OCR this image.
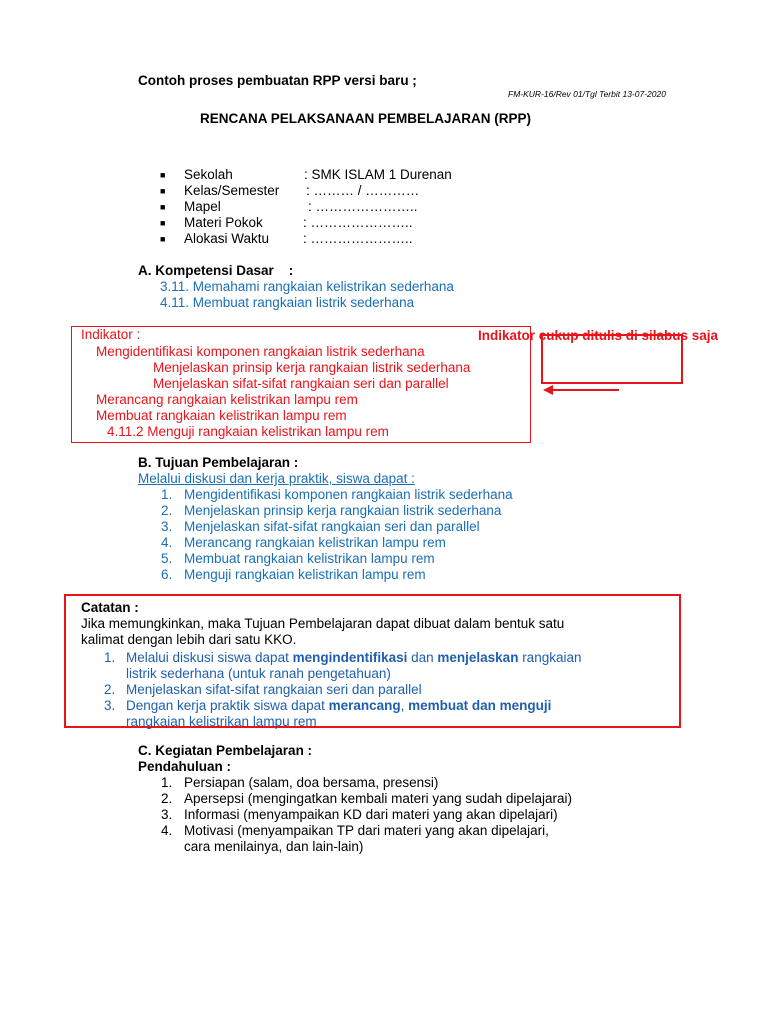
Contoh proses pembuatan RPP versi baru ;
FM-KUR-16/Rev 01/Tgl Terbit 13-07-2020
RENCANA PELAKSANAAN PEMBELAJARAN (RPP)
■ Sekolah	: SMK ISLAM 1 Durenan
■ Kelas/Semester : ……… / …………
■ Mapel	: …………………..
■ Materi Pokok	: …………………..
■ Alokasi Waktu	: …………………..
A. Kompetensi Dasar    :
3.11. Memahami rangkaian kelistrikan sederhana
4.11. Membuat rangkaian listrik sederhana
Indikator :
Mengidentifikasi komponen rangkaian listrik sederhana
Menjelaskan prinsip kerja rangkaian listrik sederhana
Menjelaskan sifat-sifat rangkaian seri dan parallel
Merancang rangkaian kelistrikan lampu rem
Membuat rangkaian kelistrikan lampu rem
4.11.2 Menguji rangkaian kelistrikan lampu rem
Indikator cukup ditulis di silabus saja
B. Tujuan Pembelajaran :
Melalui diskusi dan kerja praktik, siswa dapat :
1. Mengidentifikasi komponen rangkaian listrik sederhana
2. Menjelaskan prinsip kerja rangkaian listrik sederhana
3. Menjelaskan sifat-sifat rangkaian seri dan parallel
4. Merancang rangkaian kelistrikan lampu rem
5. Membuat rangkaian kelistrikan lampu rem
6. Menguji rangkaian kelistrikan lampu rem
Catatan :
Jika memungkinkan, maka Tujuan Pembelajaran dapat dibuat dalam bentuk satu
kalimat dengan lebih dari satu KKO.
1. Melalui diskusi siswa dapat mengindentifikasi dan menjelaskan rangkaian
listrik sederhana (untuk ranah pengetahuan)
2. Menjelaskan sifat-sifat rangkaian seri dan parallel
3. Dengan kerja praktik siswa dapat merancang, membuat dan menguji
rangkaian kelistrikan lampu rem
C. Kegiatan Pembelajaran :
Pendahuluan :
1. Persiapan (salam, doa bersama, presensi)
2. Apersepsi (mengingatkan kembali materi yang sudah dipelajarai)
3. Informasi (menyampaikan KD dari materi yang akan dipelajari)
4. Motivasi (menyampaikan TP dari materi yang akan dipelajari,
cara menilainya, dan lain-lain)
